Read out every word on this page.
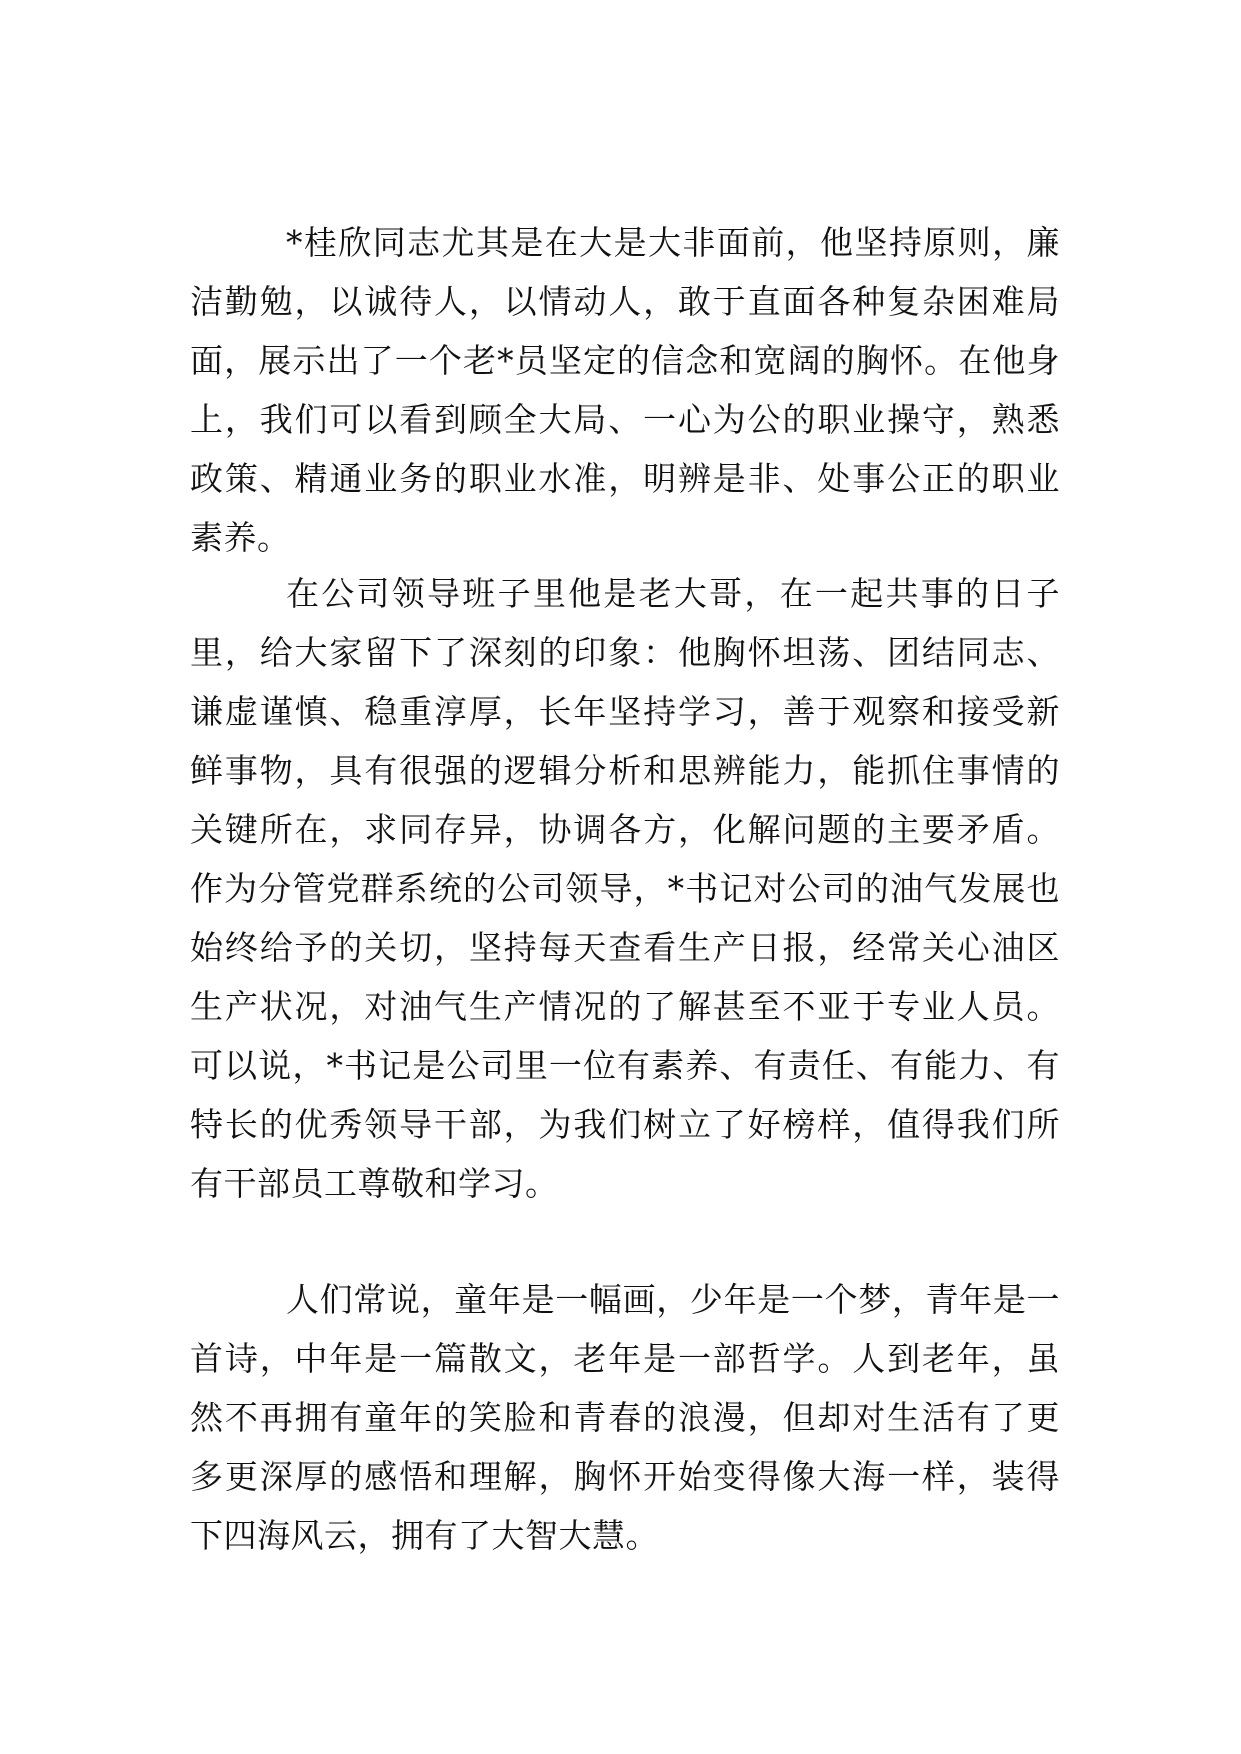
*桂欣同志尤其是在大是大非面前，他坚持原则，廉洁勤勉，以诚待人，以情动人，敢于直面各种复杂困难局面，展示出了一个老*员坚定的信念和宽阔的胸怀。在他身上，我们可以看到顾全大局、一心为公的职业操守，熟悉政策、精通业务的职业水准，明辨是非、处事公正的职业素养。

在公司领导班子里他是老大哥，在一起共事的日子里，给大家留下了深刻的印象：他胸怀坦荡、团结同志、谦虚谨慎、稳重淳厚，长年坚持学习，善于观察和接受新鲜事物，具有很强的逻辑分析和思辨能力，能抓住事情的关键所在，求同存异，协调各方，化解问题的主要矛盾。作为分管党群系统的公司领导，*书记对公司的油气发展也始终给予的关切，坚持每天查看生产日报，经常关心油区生产状况，对油气生产情况的了解甚至不亚于专业人员。可以说，*书记是公司里一位有素养、有责任、有能力、有特长的优秀领导干部，为我们树立了好榜样，值得我们所有干部员工尊敬和学习。

人们常说，童年是一幅画，少年是一个梦，青年是一首诗，中年是一篇散文，老年是一部哲学。人到老年，虽然不再拥有童年的笑脸和青春的浪漫，但却对生活有了更多更深厚的感悟和理解，胸怀开始变得像大海一样，装得下四海风云，拥有了大智大慧。
